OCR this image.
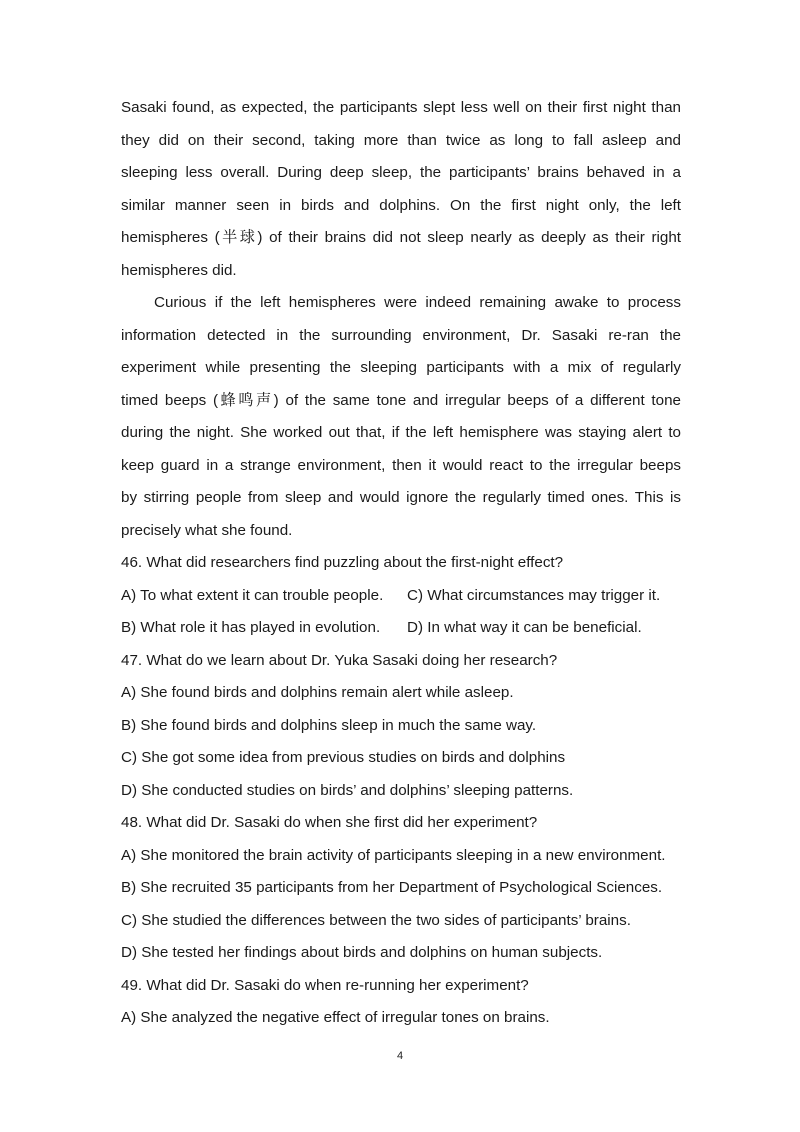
Sasaki found, as expected, the participants slept less well on their first night than
they did on their second, taking more than twice as long to fall asleep and
sleeping less overall. During deep sleep, the participants’ brains behaved in a
similar manner seen in birds and dolphins. On the first night only, the left
hemispheres (半球) of their brains did not sleep nearly as deeply as their right
hemispheres did.
Curious if the left hemispheres were indeed remaining awake to process
information detected in the surrounding environment, Dr. Sasaki re-ran the
experiment while presenting the sleeping participants with a mix of regularly
timed beeps (蜂鸣声) of the same tone and irregular beeps of a different tone
during the night. She worked out that, if the left hemisphere was staying alert to
keep guard in a strange environment, then it would react to the irregular beeps
by stirring people from sleep and would ignore the regularly timed ones. This is
precisely what she found.
46. What did researchers find puzzling about the first-night effect?
A) To what extent it can trouble people.	C) What circumstances may trigger it.
B) What role it has played in evolution.	D) In what way it can be beneficial.
47. What do we learn about Dr. Yuka Sasaki doing her research?
A) She found birds and dolphins remain alert while asleep.
B) She found birds and dolphins sleep in much the same way.
C) She got some idea from previous studies on birds and dolphins
D) She conducted studies on birds’ and dolphins’ sleeping patterns.
48. What did Dr. Sasaki do when she first did her experiment?
A) She monitored the brain activity of participants sleeping in a new environment.
B) She recruited 35 participants from her Department of Psychological Sciences.
C) She studied the differences between the two sides of participants’ brains.
D) She tested her findings about birds and dolphins on human subjects.
49. What did Dr. Sasaki do when re-running her experiment?
A) She analyzed the negative effect of irregular tones on brains.
4
